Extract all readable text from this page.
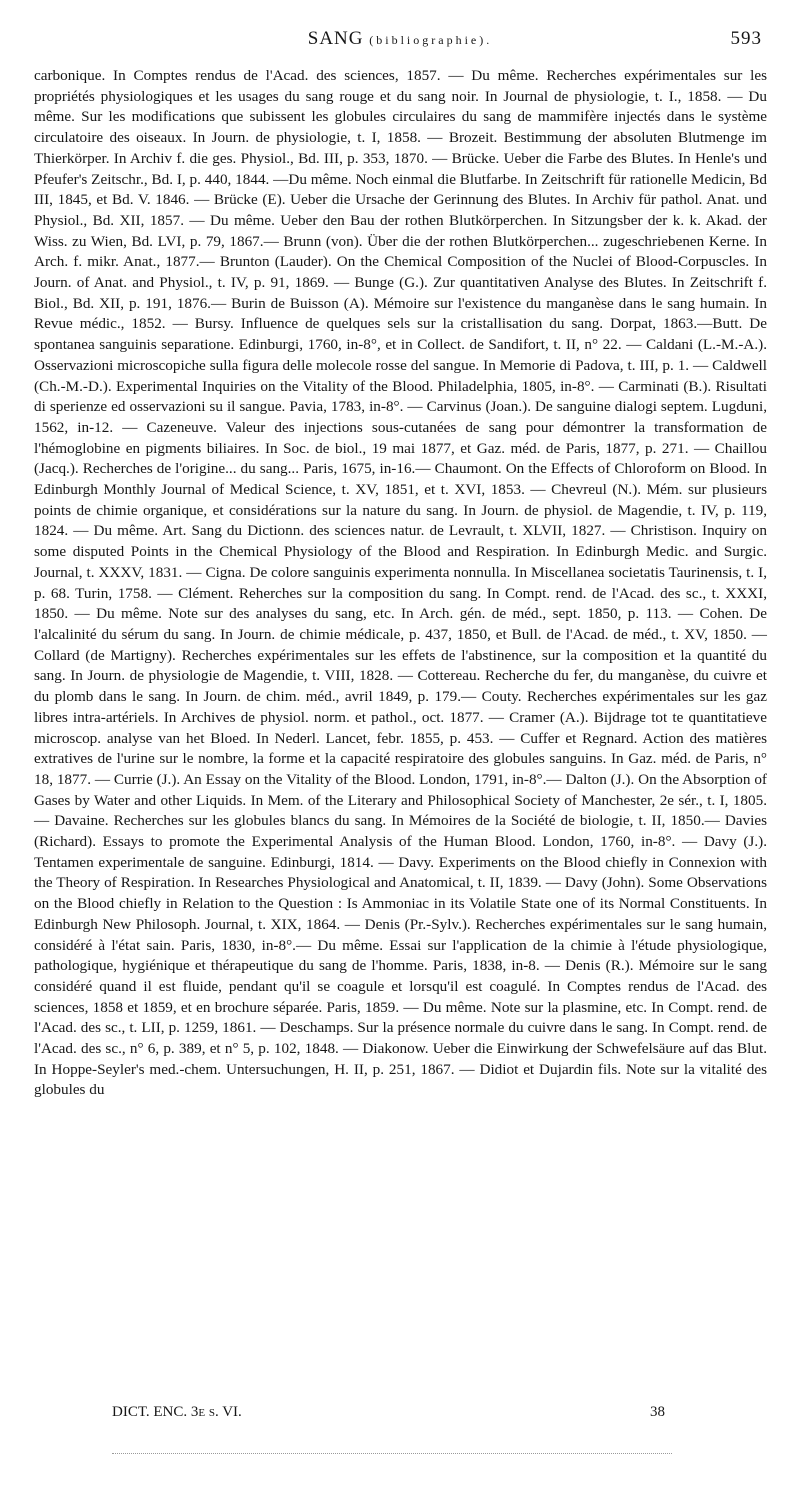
SANG (bibliographie).	593

carbonique. In Comptes rendus de l'Acad. des sciences, 1857. — Du même. Recherches expérimentales sur les propriétés physiologiques et les usages du sang rouge et du sang noir. In Journal de physiologie, t. I., 1858. — Du même. Sur les modifications que subissent les globules circulaires du sang de mammifère injectés dans le système circulatoire des oiseaux. In Journ. de physiologie, t. I, 1858. — Brozeit. Bestimmung der absoluten Blutmenge im Thierkörper. In Archiv f. die ges. Physiol., Bd. III, p. 353, 1870. — Brücke. Ueber die Farbe des Blutes. In Henle's und Pfeufer's Zeitschr., Bd. I, p. 440, 1844. —Du même. Noch einmal die Blutfarbe. In Zeitschrift für rationelle Medicin, Bd III, 1845, et Bd. V. 1846. — Brücke (E). Ueber die Ursache der Gerinnung des Blutes. In Archiv für pathol. Anat. und Physiol., Bd. XII, 1857. — Du même. Ueber den Bau der rothen Blutkörperchen. In Sitzungsber der k. k. Akad. der Wiss. zu Wien, Bd. LVI, p. 79, 1867.— Brunn (von). Über die der rothen Blutkörperchen... zugeschriebenen Kerne. In Arch. f. mikr. Anat., 1877.— Brunton (Lauder). On the Chemical Composition of the Nuclei of Blood-Corpuscles. In Journ. of Anat. and Physiol., t. IV, p. 91, 1869. — Bunge (G.). Zur quantitativen Analyse des Blutes. In Zeitschrift f. Biol., Bd. XII, p. 191, 1876.— Burin de Buisson (A). Mémoire sur l'existence du manganèse dans le sang humain. In Revue médic., 1852. — Bursy. Influence de quelques sels sur la cristallisation du sang. Dorpat, 1863.—Butt. De spontanea sanguinis separatione. Edinburgi, 1760, in-8°, et in Collect. de Sandifort, t. II, n° 22. — Caldani (L.-M.-A.). Osservazioni microscopiche sulla figura delle molecole rosse del sangue. In Memorie di Padova, t. III, p. 1. — Caldwell (Ch.-M.-D.). Experimental Inquiries on the Vitality of the Blood. Philadelphia, 1805, in-8°. — Carminati (B.). Risultati di sperienze ed osservazioni su il sangue. Pavia, 1783, in-8°. — Carvinus (Joan.). De sanguine dialogi septem. Lugduni, 1562, in-12. — Cazeneuve. Valeur des injections sous-cutanées de sang pour démontrer la transformation de l'hémoglobine en pigments biliaires. In Soc. de biol., 19 mai 1877, et Gaz. méd. de Paris, 1877, p. 271. — Chaillou (Jacq.). Recherches de l'origine... du sang... Paris, 1675, in-16.— Chaumont. On the Effects of Chloroform on Blood. In Edinburgh Monthly Journal of Medical Science, t. XV, 1851, et t. XVI, 1853. — Chevreul (N.). Mém. sur plusieurs points de chimie organique, et considérations sur la nature du sang. In Journ. de physiol. de Magendie, t. IV, p. 119, 1824. — Du même. Art. Sang du Dictionn. des sciences natur. de Levrault, t. XLVII, 1827. — Christison. Inquiry on some disputed Points in the Chemical Physiology of the Blood and Respiration. In Edinburgh Medic. and Surgic. Journal, t. XXXV, 1831. — Cigna. De colore sanguinis experimenta nonnulla. In Miscellanea societatis Taurinensis, t. I, p. 68. Turin, 1758. — Clément. Reherches sur la composition du sang. In Compt. rend. de l'Acad. des sc., t. XXXI, 1850. — Du même. Note sur des analyses du sang, etc. In Arch. gén. de méd., sept. 1850, p. 113. — Cohen. De l'alcalinité du sérum du sang. In Journ. de chimie médicale, p. 437, 1850, et Bull. de l'Acad. de méd., t. XV, 1850. — Collard (de Martigny). Recherches expérimentales sur les effets de l'abstinence, sur la composition et la quantité du sang. In Journ. de physiologie de Magendie, t. VIII, 1828. — Cottereau. Recherche du fer, du manganèse, du cuivre et du plomb dans le sang. In Journ. de chim. méd., avril 1849, p. 179.— Couty. Recherches expérimentales sur les gaz libres intra-artériels. In Archives de physiol. norm. et pathol., oct. 1877. — Cramer (A.). Bijdrage tot te quantitatieve microscop. analyse van het Bloed. In Nederl. Lancet, febr. 1855, p. 453. — Cuffer et Regnard. Action des matières extratives de l'urine sur le nombre, la forme et la capacité respiratoire des globules sanguins. In Gaz. méd. de Paris, n° 18, 1877. — Currie (J.). An Essay on the Vitality of the Blood. London, 1791, in-8°.— Dalton (J.). On the Absorption of Gases by Water and other Liquids. In Mem. of the Literary and Philosophical Society of Manchester, 2e sér., t. I, 1805.— Davaine. Recherches sur les globules blancs du sang. In Mémoires de la Société de biologie, t. II, 1850.— Davies (Richard). Essays to promote the Experimental Analysis of the Human Blood. London, 1760, in-8°. — Davy (J.). Tentamen experimentale de sanguine. Edinburgi, 1814. — Davy. Experiments on the Blood chiefly in Connexion with the Theory of Respiration. In Researches Physiological and Anatomical, t. II, 1839. — Davy (John). Some Observations on the Blood chiefly in Relation to the Question : Is Ammoniac in its Volatile State one of its Normal Constituents. In Edinburgh New Philosoph. Journal, t. XIX, 1864. — Denis (Pr.-Sylv.). Recherches expérimentales sur le sang humain, considéré à l'état sain. Paris, 1830, in-8°.— Du même. Essai sur l'application de la chimie à l'étude physiologique, pathologique, hygiénique et thérapeutique du sang de l'homme. Paris, 1838, in-8. — Denis (R.). Mémoire sur le sang considéré quand il est fluide, pendant qu'il se coagule et lorsqu'il est coagulé. In Comptes rendus de l'Acad. des sciences, 1858 et 1859, et en brochure séparée. Paris, 1859. — Du même. Note sur la plasmine, etc. In Compt. rend. de l'Acad. des sc., t. LII, p. 1259, 1861. — Deschamps. Sur la présence normale du cuivre dans le sang. In Compt. rend. de l'Acad. des sc., n° 6, p. 389, et n° 5, p. 102, 1848. — Diakonow. Ueber die Einwirkung der Schwefelsäure auf das Blut. In Hoppe-Seyler's med.-chem. Untersuchungen, H. II, p. 251, 1867. — Didiot et Dujardin fils. Note sur la vitalité des globules du

DICT. ENC. 3e s. VI.	38
